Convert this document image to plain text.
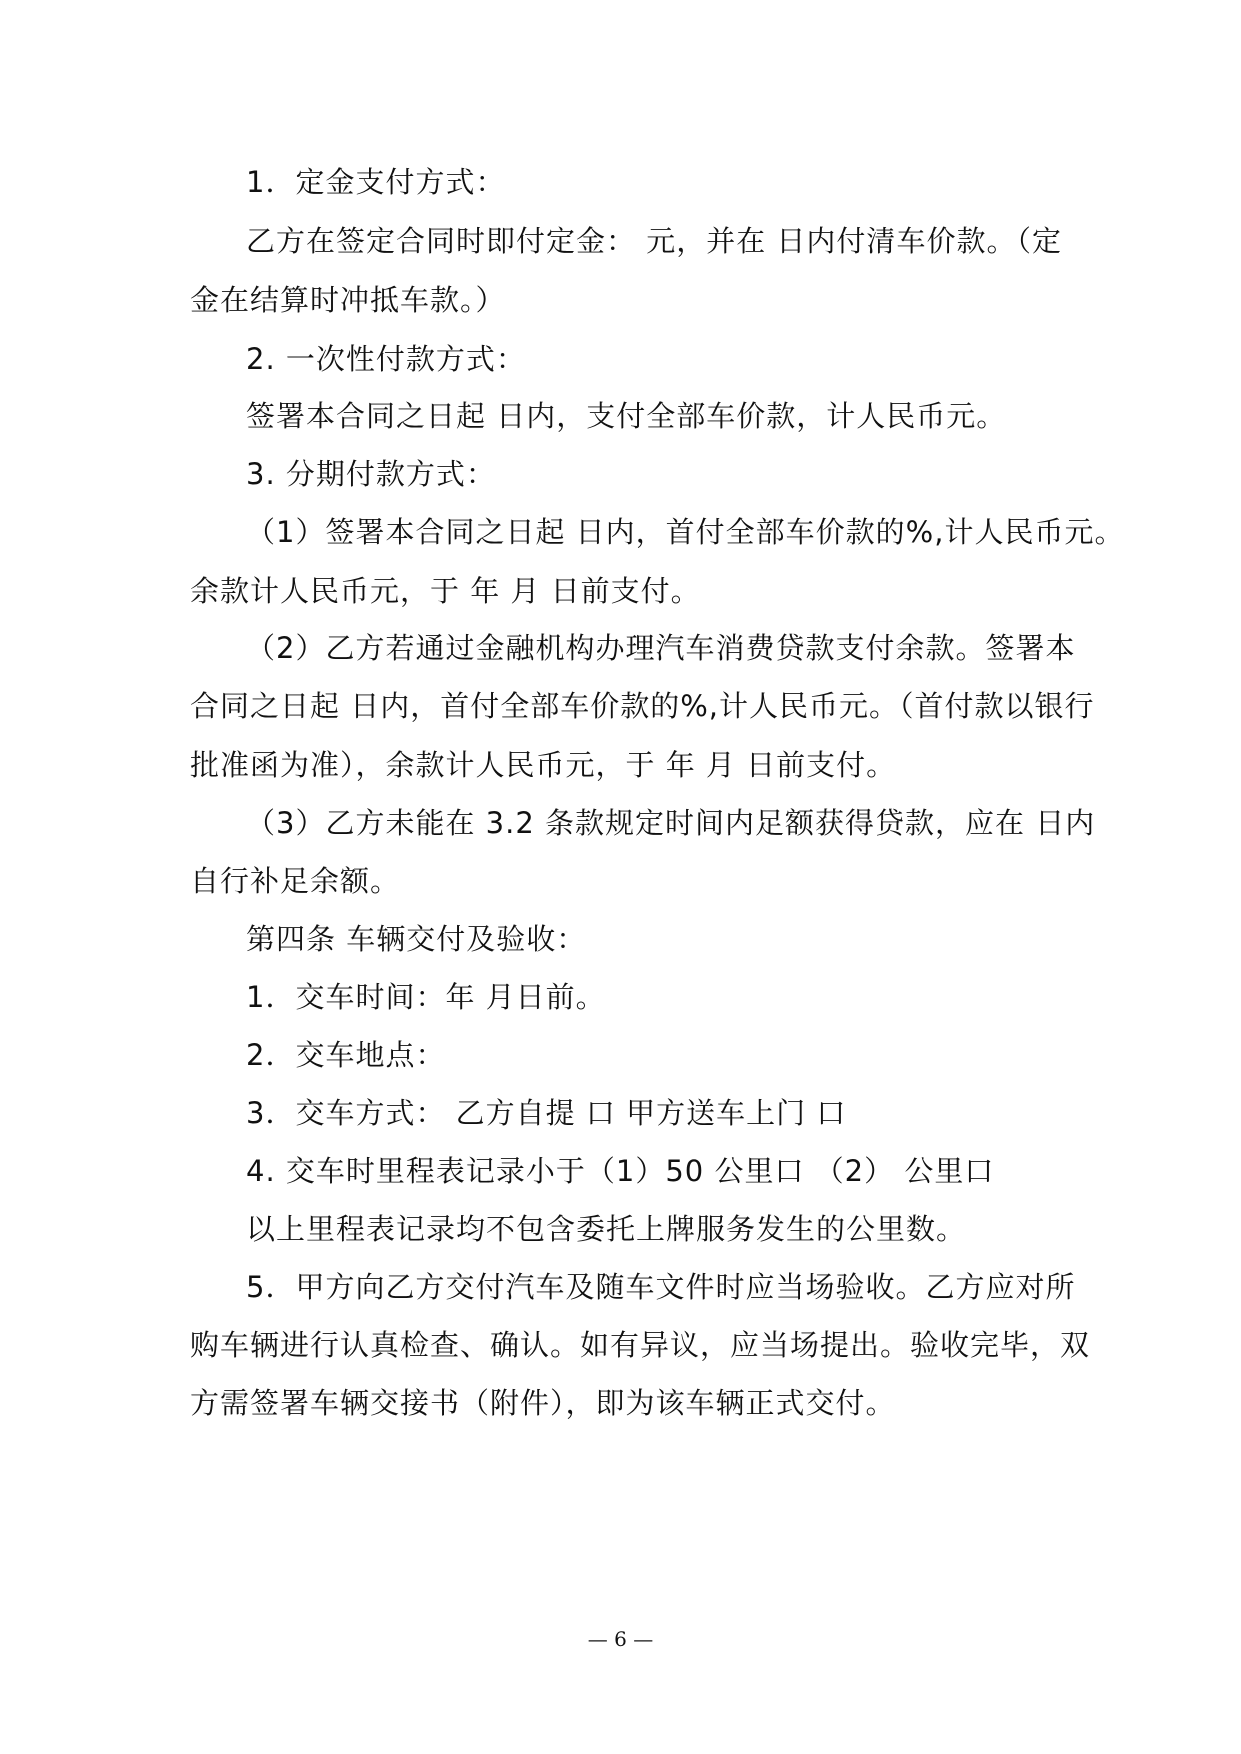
1．定金支付方式：
乙方在签定合同时即付定金： 元，并在 日内付清车价款。（定
金在结算时冲抵车款。）
2. 一次性付款方式：
签署本合同之日起 日内，支付全部车价款，计人民币元。
3. 分期付款方式：
（1）签署本合同之日起 日内，首付全部车价款的%,计人民币元。
余款计人民币元，于 年 月 日前支付。
（2）乙方若通过金融机构办理汽车消费贷款支付余款。签署本
合同之日起 日内，首付全部车价款的%,计人民币元。（首付款以银行
批准函为准），余款计人民币元，于 年 月 日前支付。
（3）乙方未能在 3.2 条款规定时间内足额获得贷款，应在 日内
自行补足余额。
第四条 车辆交付及验收：
1．交车时间：年 月日前。
2．交车地点：
3．交车方式： 乙方自提 口 甲方送车上门 口
4. 交车时里程表记录小于（1）50 公里口 （2） 公里口
以上里程表记录均不包含委托上牌服务发生的公里数。
5．甲方向乙方交付汽车及随车文件时应当场验收。乙方应对所
购车辆进行认真检查、确认。如有异议，应当场提出。验收完毕，双
方需签署车辆交接书（附件），即为该车辆正式交付。
— 6 —
